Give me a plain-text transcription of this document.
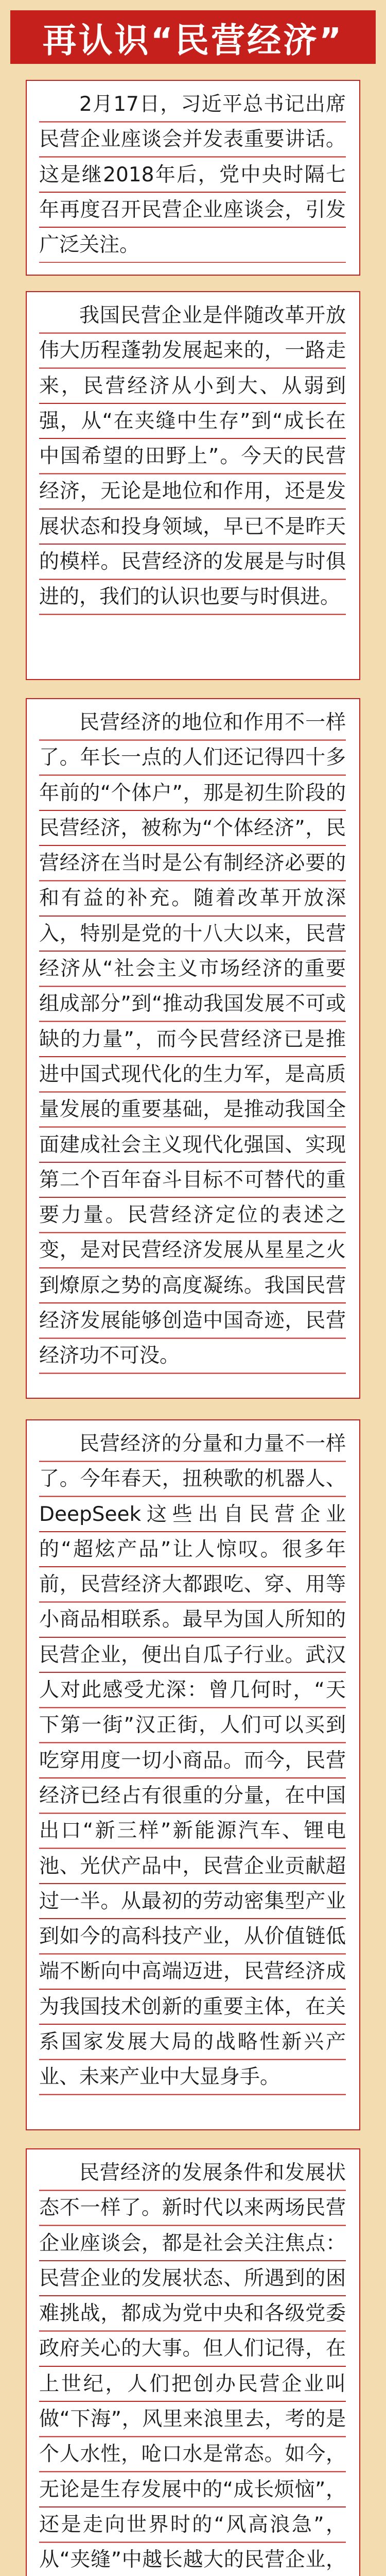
再认识“民营经济”

2月17日，习近平总书记出席民营企业座谈会并发表重要讲话。这是继2018年后，党中央时隔七年再度召开民营企业座谈会，引发广泛关注。

我国民营企业是伴随改革开放伟大历程蓬勃发展起来的，一路走来，民营经济从小到大、从弱到强，从“在夹缝中生存”到“成长在中国希望的田野上”。今天的民营经济，无论是地位和作用，还是发展状态和投身领域，早已不是昨天的模样。民营经济的发展是与时俱进的，我们的认识也要与时俱进。

民营经济的地位和作用不一样了。年长一点的人们还记得四十多年前的“个体户”，那是初生阶段的民营经济，被称为“个体经济”，民营经济在当时是公有制经济必要的和有益的补充。随着改革开放深入，特别是党的十八大以来，民营经济从“社会主义市场经济的重要组成部分”到“推动我国发展不可或缺的力量”，而今民营经济已是推进中国式现代化的生力军，是高质量发展的重要基础，是推动我国全面建成社会主义现代化强国、实现第二个百年奋斗目标不可替代的重要力量。民营经济定位的表述之变，是对民营经济发展从星星之火到燎原之势的高度凝练。我国民营经济发展能够创造中国奇迹，民营经济功不可没。

民营经济的分量和力量不一样了。今年春天，扭秧歌的机器人、DeepSeek这些出自民营企业的“超炫产品”让人惊叹。很多年前，民营经济大都跟吃、穿、用等小商品相联系。最早为国人所知的民营企业，便出自瓜子行业。武汉人对此感受尤深：曾几何时，“天下第一街”汉正街，人们可以买到吃穿用度一切小商品。而今，民营经济已经占有很重的分量，在中国出口“新三样”新能源汽车、锂电池、光伏产品中，民营企业贡献超过一半。从最初的劳动密集型产业到如今的高科技产业，从价值链低端不断向中高端迈进，民营经济成为我国技术创新的重要主体，在关系国家发展大局的战略性新兴产业、未来产业中大显身手。

民营经济的发展条件和发展状态不一样了。新时代以来两场民营企业座谈会，都是社会关注焦点：民营企业的发展状态、所遇到的困难挑战，都成为党中央和各级党委政府关心的大事。但人们记得，在上世纪，人们把创办民营企业叫做“下海”，风里来浪里去，考的是个人水性，呛口水是常态。如今，无论是生存发展中的“成长烦恼”，还是走向世界时的“风高浪急”，从“夹缝”中越长越大的民营企业，
